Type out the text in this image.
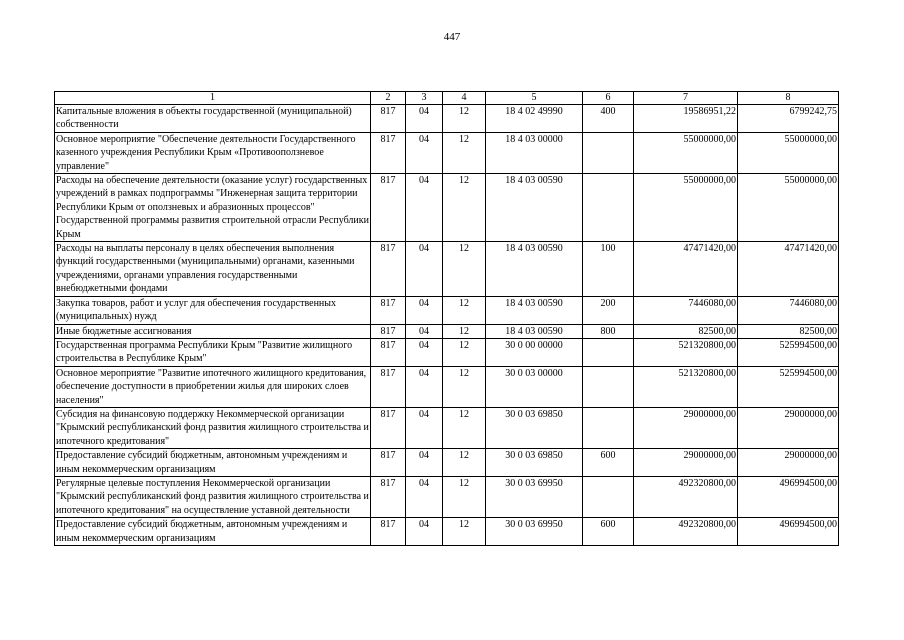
447
1	2	3	4	5	6	7	8
Капитальные вложения в объекты государственной (муниципальной) собственности	817	04	12	18 4 02 49990	400	19586951,22	6799242,75
Основное мероприятие "Обеспечение деятельности Государственного казенного учреждения Республики Крым «Противооползневое управление"	817	04	12	18 4 03 00000		55000000,00	55000000,00
Расходы на обеспечение деятельности (оказание услуг) государственных учреждений в рамках подпрограммы "Инженерная защита территории Республики Крым от оползневых и абразионных процессов" Государственной программы развития строительной отрасли Республики Крым	817	04	12	18 4 03 00590		55000000,00	55000000,00
Расходы на выплаты персоналу в целях обеспечения выполнения функций государственными (муниципальными) органами, казенными учреждениями, органами управления государственными внебюджетными фондами	817	04	12	18 4 03 00590	100	47471420,00	47471420,00
Закупка товаров, работ и услуг для обеспечения государственных (муниципальных) нужд	817	04	12	18 4 03 00590	200	7446080,00	7446080,00
Иные бюджетные ассигнования	817	04	12	18 4 03 00590	800	82500,00	82500,00
Государственная программа Республики Крым "Развитие жилищного строительства в Республике Крым"	817	04	12	30 0 00 00000		521320800,00	525994500,00
Основное мероприятие "Развитие ипотечного жилищного кредитования, обеспечение доступности в приобретении жилья для широких слоев населения"	817	04	12	30 0 03 00000		521320800,00	525994500,00
Субсидия на финансовую поддержку Некоммерческой организации "Крымский республиканский фонд развития жилищного строительства и ипотечного кредитования"	817	04	12	30 0 03 69850		29000000,00	29000000,00
Предоставление субсидий бюджетным, автономным учреждениям и иным некоммерческим организациям	817	04	12	30 0 03 69850	600	29000000,00	29000000,00
Регулярные целевые поступления Некоммерческой организации "Крымский республиканский фонд развития жилищного строительства и ипотечного кредитования" на осуществление уставной деятельности	817	04	12	30 0 03 69950		492320800,00	496994500,00
Предоставление субсидий бюджетным, автономным учреждениям и иным некоммерческим организациям	817	04	12	30 0 03 69950	600	492320800,00	496994500,00
